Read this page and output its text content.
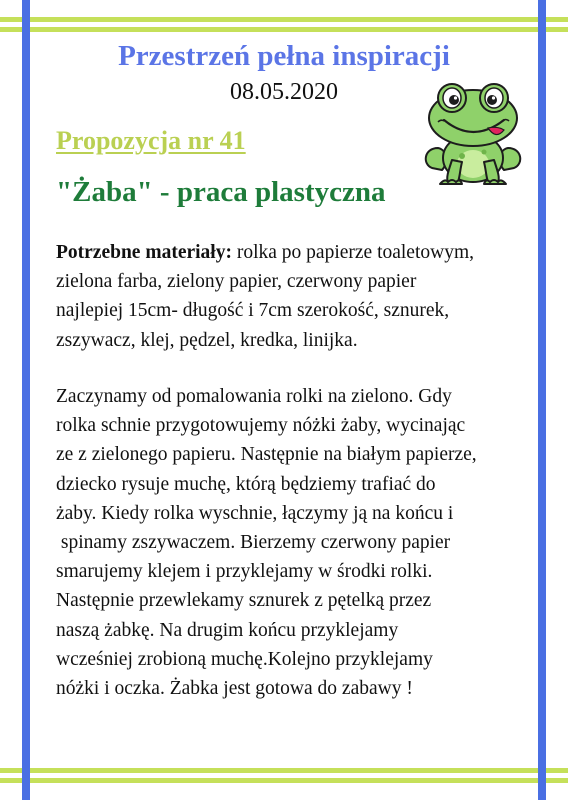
Przestrzeń pełna inspiracji
08.05.2020
Propozycja nr 41
"Żaba" - praca plastyczna
Potrzebne materiały: rolka po papierze toaletowym,
zielona farba, zielony papier, czerwony papier
najlepiej 15cm- długość i 7cm szerokość, sznurek,
zszywacz, klej, pędzel, kredka, linijka.
Zaczynamy od pomalowania rolki na zielono. Gdy
rolka schnie przygotowujemy nóżki żaby, wycinając
ze z zielonego papieru. Następnie na białym papierze,
dziecko rysuje muchę, którą będziemy trafiać do
żaby. Kiedy rolka wyschnie, łączymy ją na końcu i
spinamy zszywaczem. Bierzemy czerwony papier
smarujemy klejem i przyklejamy w środki rolki.
Następnie przewlekamy sznurek z pętelką przez
naszą żabkę. Na drugim końcu przyklejamy
wcześniej zrobioną muchę.Kolejno przyklejamy
nóżki i oczka. Żabka jest gotowa do zabawy !
